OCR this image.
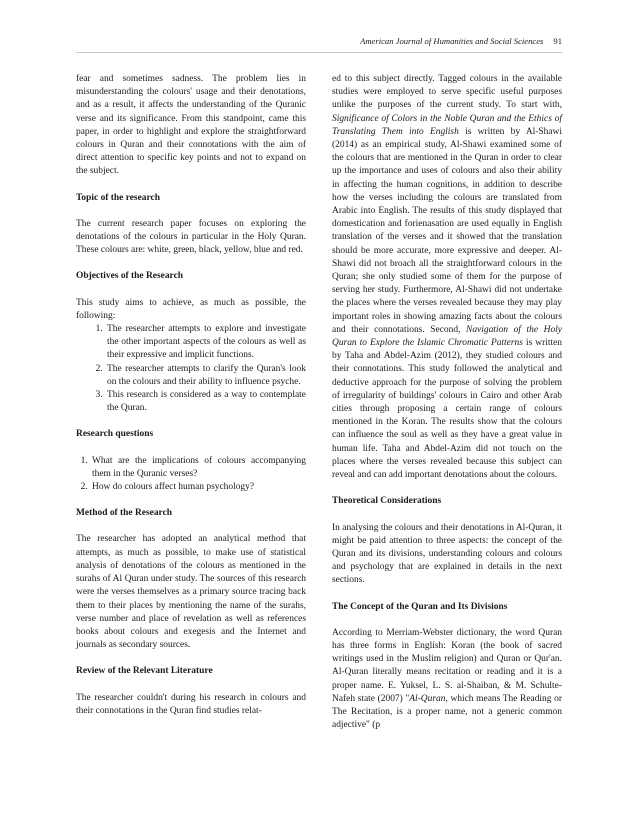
American Journal of Humanities and Social Sciences 91

fear and sometimes sadness. The problem lies in misunderstanding the colours' usage and their denotations, and as a result, it affects the understanding of the Quranic verse and its significance. From this standpoint, came this paper, in order to highlight and explore the straightforward colours in Quran and their connotations with the aim of direct attention to specific key points and not to expand on the subject.

Topic of the research

The current research paper focuses on exploring the denotations of the colours in particular in the Holy Quran. These colours are: white, green, black, yellow, blue and red.

Objectives of the Research

This study aims to achieve, as much as possible, the following:

1. The researcher attempts to explore and investigate the other important aspects of the colours as well as their expressive and implicit functions.
2. The researcher attempts to clarify the Quran's look on the colours and their ability to influence psyche.
3. This research is considered as a way to contemplate the Quran.

Research questions

1. What are the implications of colours accompanying them in the Quranic verses?
2. How do colours affect human psychology?

Method of the Research

The researcher has adopted an analytical method that attempts, as much as possible, to make use of statistical analysis of denotations of the colours as mentioned in the surahs of Al Quran under study. The sources of this research were the verses themselves as a primary source tracing back them to their places by mentioning the name of the surahs, verse number and place of revelation as well as references books about colours and exegesis and the Internet and journals as secondary sources.

Review of the Relevant Literature

The researcher couldn't during his research in colours and their connotations in the Quran find studies relat-

ed to this subject directly. Tagged colours in the available studies were employed to serve specific useful purposes unlike the purposes of the current study. To start with, Significance of Colors in the Noble Quran and the Ethics of Translating Them into English is written by Al-Shawi (2014) as an empirical study, Al-Shawi examined some of the colours that are mentioned in the Quran in order to clear up the importance and uses of colours and also their ability in affecting the human cognitions, in addition to describe how the verses including the colours are translated from Arabic into English. The results of this study displayed that domestication and forienasation are used equally in English translation of the verses and it showed that the translation should be more accurate, more expressive and deeper. Al-Shawi did not broach all the straightforward colours in the Quran; she only studied some of them for the purpose of serving her study. Furthermore, Al-Shawi did not undertake the places where the verses revealed because they may play important roles in showing amazing facts about the colours and their connotations. Second, Navigation of the Holy Quran to Explore the Islamic Chromatic Patterns is written by Taha and Abdel-Azim (2012), they studied colours and their connotations. This study followed the analytical and deductive approach for the purpose of solving the problem of irregularity of buildings' colours in Cairo and other Arab cities through proposing a certain range of colours mentioned in the Koran. The results show that the colours can influence the soul as well as they have a great value in human life. Taha and Abdel-Azim did not touch on the places where the verses revealed because this subject can reveal and can add important denotations about the colours.

Theoretical Considerations

In analysing the colours and their denotations in Al-Quran, it might be paid attention to three aspects: the concept of the Quran and its divisions, understanding colours and colours and psychology that are explained in details in the next sections.

The Concept of the Quran and Its Divisions

According to Merriam-Webster dictionary, the word Quran has three forms in English: Koran (the book of sacred writings used in the Muslim religion) and Quran or Qur'an. Al-Quran literally means recitation or reading and it is a proper name. E. Yuksel, L. S. al-Shaiban, & M. Schulte-Nafeh state (2007) "Al-Quran, which means The Reading or The Recitation, is a proper name, not a generic common adjective" (p
